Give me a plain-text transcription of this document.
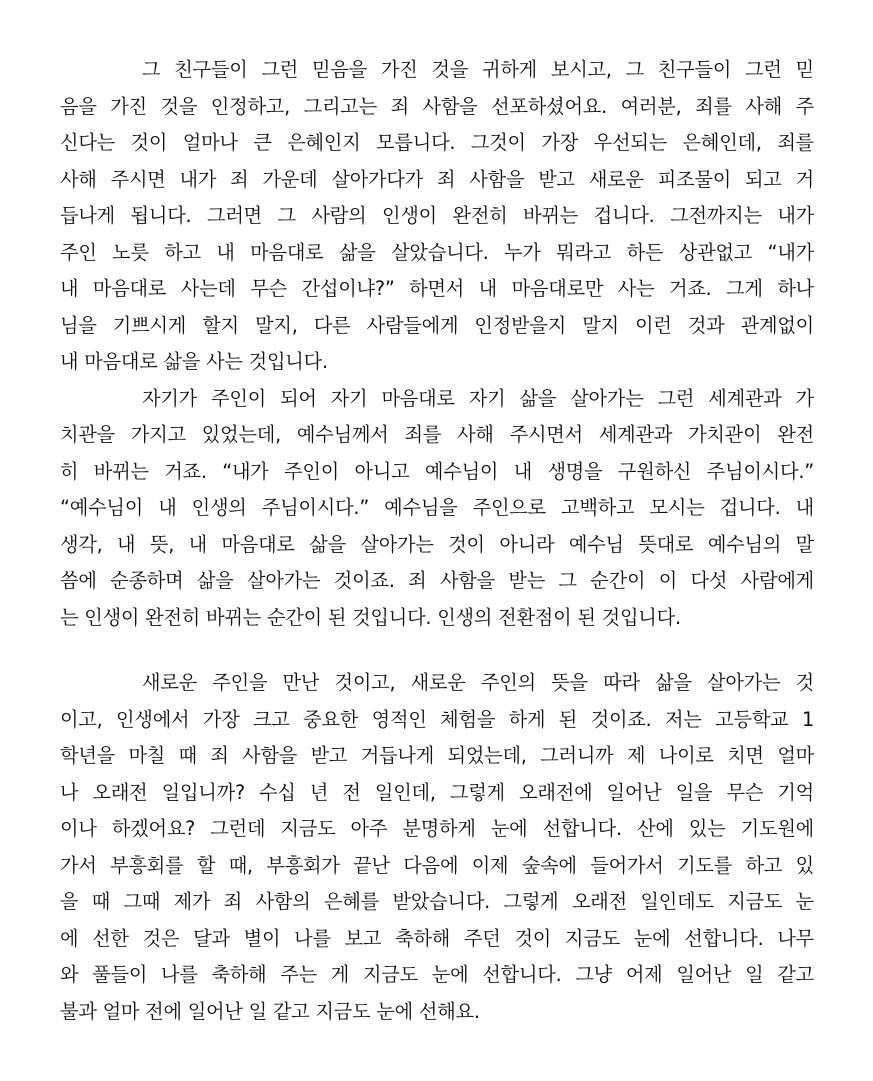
그 친구들이 그런 믿음을 가진 것을 귀하게 보시고, 그 친구들이 그런 믿
음을 가진 것을 인정하고, 그리고는 죄 사함을 선포하셨어요. 여러분, 죄를 사해 주
신다는 것이 얼마나 큰 은혜인지 모릅니다. 그것이 가장 우선되는 은혜인데, 죄를
사해 주시면 내가 죄 가운데 살아가다가 죄 사함을 받고 새로운 피조물이 되고 거
듭나게 됩니다. 그러면 그 사람의 인생이 완전히 바뀌는 겁니다. 그전까지는 내가
주인 노릇 하고 내 마음대로 삶을 살았습니다. 누가 뭐라고 하든 상관없고 “내가
내 마음대로 사는데 무슨 간섭이냐?” 하면서 내 마음대로만 사는 거죠. 그게 하나
님을 기쁘시게 할지 말지, 다른 사람들에게 인정받을지 말지 이런 것과 관계없이
내 마음대로 삶을 사는 것입니다.
자기가 주인이 되어 자기 마음대로 자기 삶을 살아가는 그런 세계관과 가
치관을 가지고 있었는데, 예수님께서 죄를 사해 주시면서 세계관과 가치관이 완전
히 바뀌는 거죠. “내가 주인이 아니고 예수님이 내 생명을 구원하신 주님이시다.”
“예수님이 내 인생의 주님이시다.” 예수님을 주인으로 고백하고 모시는 겁니다. 내
생각, 내 뜻, 내 마음대로 삶을 살아가는 것이 아니라 예수님 뜻대로 예수님의 말
씀에 순종하며 삶을 살아가는 것이죠. 죄 사함을 받는 그 순간이 이 다섯 사람에게
는 인생이 완전히 바뀌는 순간이 된 것입니다. 인생의 전환점이 된 것입니다.
새로운 주인을 만난 것이고, 새로운 주인의 뜻을 따라 삶을 살아가는 것
이고, 인생에서 가장 크고 중요한 영적인 체험을 하게 된 것이죠. 저는 고등학교 1
학년을 마칠 때 죄 사함을 받고 거듭나게 되었는데, 그러니까 제 나이로 치면 얼마
나 오래전 일입니까? 수십 년 전 일인데, 그렇게 오래전에 일어난 일을 무슨 기억
이나 하겠어요? 그런데 지금도 아주 분명하게 눈에 선합니다. 산에 있는 기도원에
가서 부흥회를 할 때, 부흥회가 끝난 다음에 이제 숲속에 들어가서 기도를 하고 있
을 때 그때 제가 죄 사함의 은혜를 받았습니다. 그렇게 오래전 일인데도 지금도 눈
에 선한 것은 달과 별이 나를 보고 축하해 주던 것이 지금도 눈에 선합니다. 나무
와 풀들이 나를 축하해 주는 게 지금도 눈에 선합니다. 그냥 어제 일어난 일 같고
불과 얼마 전에 일어난 일 같고 지금도 눈에 선해요.
